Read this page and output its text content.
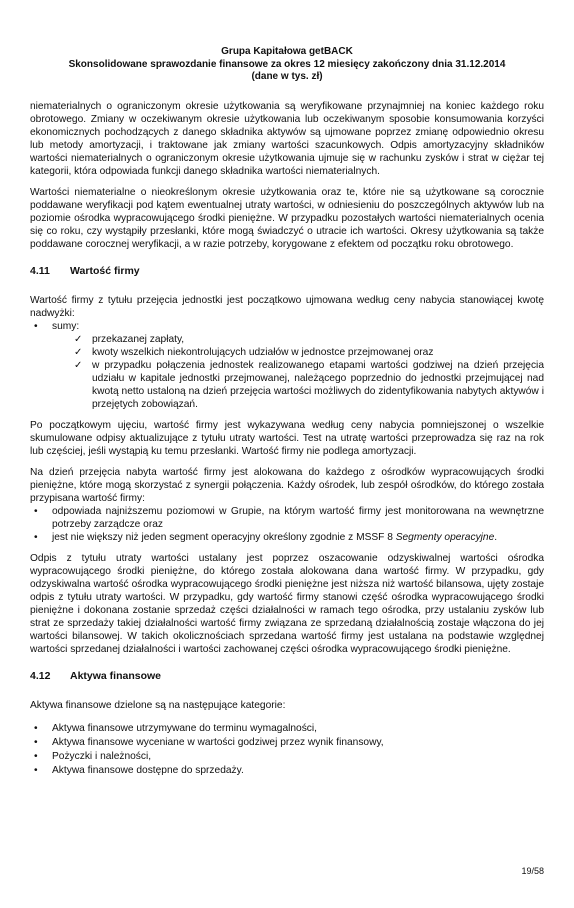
Grupa Kapitałowa getBACK
Skonsolidowane sprawozdanie finansowe za okres 12 miesięcy zakończony dnia 31.12.2014
(dane w tys. zł)

niematerialnych o ograniczonym okresie użytkowania są weryfikowane przynajmniej na koniec każdego roku obrotowego. Zmiany w oczekiwanym okresie użytkowania lub oczekiwanym sposobie konsumowania korzyści ekonomicznych pochodzących z danego składnika aktywów są ujmowane poprzez zmianę odpowiednio okresu lub metody amortyzacji, i traktowane jak zmiany wartości szacunkowych. Odpis amortyzacyjny składników wartości niematerialnych o ograniczonym okresie użytkowania ujmuje się w rachunku zysków i strat w ciężar tej kategorii, która odpowiada funkcji danego składnika wartości niematerialnych.

Wartości niematerialne o nieokreślonym okresie użytkowania oraz te, które nie są użytkowane są corocznie poddawane weryfikacji pod kątem ewentualnej utraty wartości, w odniesieniu do poszczególnych aktywów lub na poziomie ośrodka wypracowującego środki pieniężne. W przypadku pozostałych wartości niematerialnych ocenia się co roku, czy wystąpiły przesłanki, które mogą świadczyć o utracie ich wartości. Okresy użytkowania są także poddawane corocznej weryfikacji, a w razie potrzeby, korygowane z efektem od początku roku obrotowego.

4.11 Wartość firmy

Wartość firmy z tytułu przejęcia jednostki jest początkowo ujmowana według ceny nabycia stanowiącej kwotę nadwyżki:

• sumy:
✓ przekazanej zapłaty,
✓ kwoty wszelkich niekontrolujących udziałów w jednostce przejmowanej oraz
✓ w przypadku połączenia jednostek realizowanego etapami wartości godziwej na dzień przejęcia udziału w kapitale jednostki przejmowanej, należącego poprzednio do jednostki przejmującej nad kwotą netto ustaloną na dzień przejęcia wartości możliwych do zidentyfikowania nabytych aktywów i przejętych zobowiązań.

Po początkowym ujęciu, wartość firmy jest wykazywana według ceny nabycia pomniejszonej o wszelkie skumulowane odpisy aktualizujące z tytułu utraty wartości. Test na utratę wartości przeprowadza się raz na rok lub częściej, jeśli wystąpią ku temu przesłanki. Wartość firmy nie podlega amortyzacji.

Na dzień przejęcia nabyta wartość firmy jest alokowana do każdego z ośrodków wypracowujących środki pieniężne, które mogą skorzystać z synergii połączenia. Każdy ośrodek, lub zespół ośrodków, do którego została przypisana wartość firmy:

• odpowiada najniższemu poziomowi w Grupie, na którym wartość firmy jest monitorowana na wewnętrzne potrzeby zarządcze oraz
• jest nie większy niż jeden segment operacyjny określony zgodnie z MSSF 8 Segmenty operacyjne.

Odpis z tytułu utraty wartości ustalany jest poprzez oszacowanie odzyskiwalnej wartości ośrodka wypracowującego środki pieniężne, do którego została alokowana dana wartość firmy. W przypadku, gdy odzyskiwalna wartość ośrodka wypracowującego środki pieniężne jest niższa niż wartość bilansowa, ujęty zostaje odpis z tytułu utraty wartości. W przypadku, gdy wartość firmy stanowi część ośrodka wypracowującego środki pieniężne i dokonana zostanie sprzedaż części działalności w ramach tego ośrodka, przy ustalaniu zysków lub strat ze sprzedaży takiej działalności wartość firmy związana ze sprzedaną działalnością zostaje włączona do jej wartości bilansowej. W takich okolicznościach sprzedana wartość firmy jest ustalana na podstawie względnej wartości sprzedanej działalności i wartości zachowanej części ośrodka wypracowującego środki pieniężne.

4.12 Aktywa finansowe

Aktywa finansowe dzielone są na następujące kategorie:

• Aktywa finansowe utrzymywane do terminu wymagalności,
• Aktywa finansowe wyceniane w wartości godziwej przez wynik finansowy,
• Pożyczki i należności,
• Aktywa finansowe dostępne do sprzedaży.
19/58
